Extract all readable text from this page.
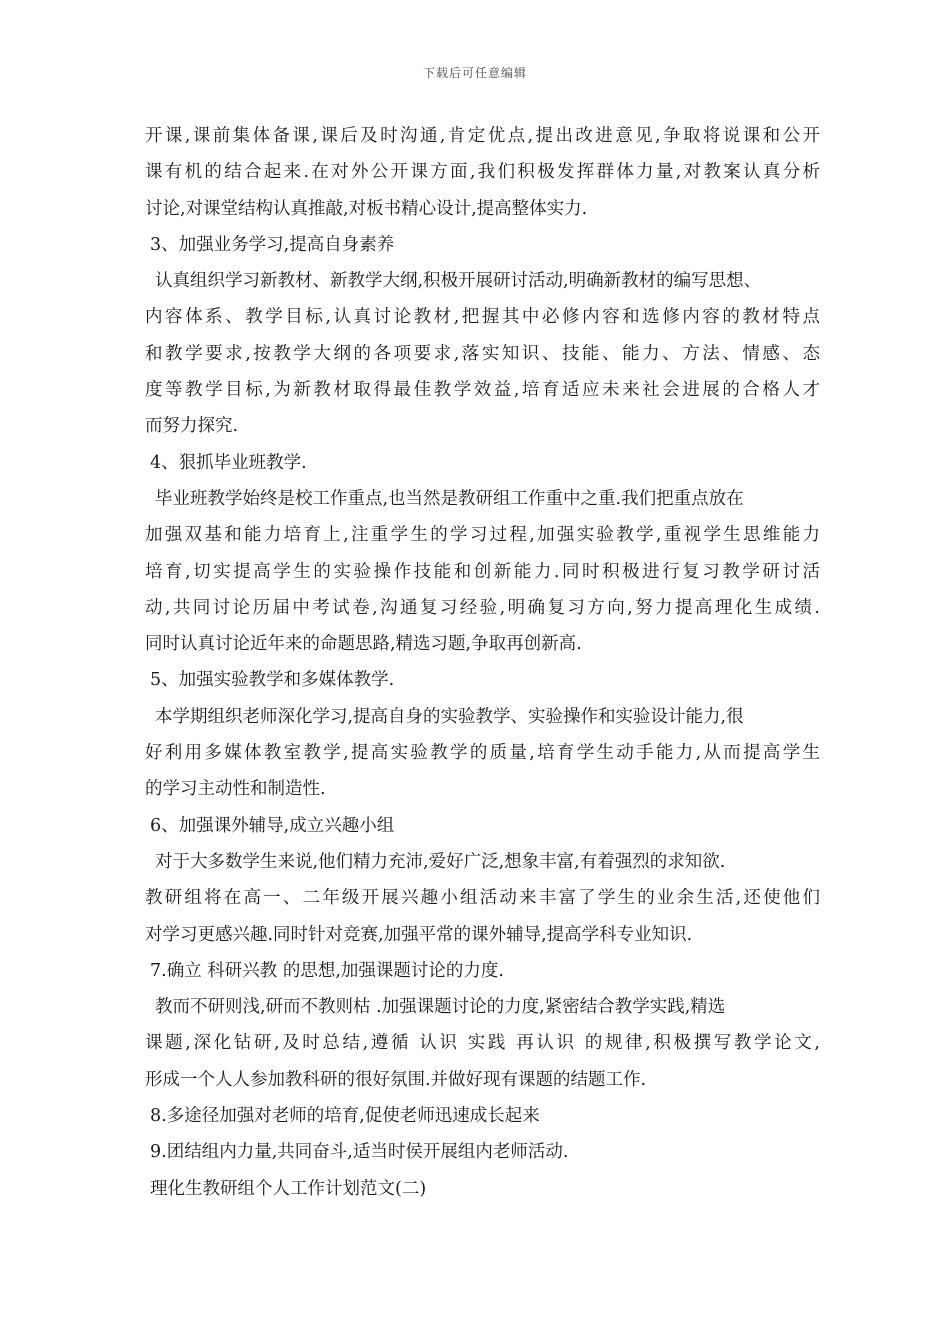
下载后可任意编辑
开课,课前集体备课,课后及时沟通,肯定优点,提出改进意见,争取将说课和公开
课有机的结合起来.在对外公开课方面,我们积极发挥群体力量,对教案认真分析
讨论,对课堂结构认真推敲,对板书精心设计,提高整体实力.
3、加强业务学习,提高自身素养
认真组织学习新教材、新教学大纲,积极开展研讨活动,明确新教材的编写思想、
内容体系、教学目标,认真讨论教材,把握其中必修内容和选修内容的教材特点
和教学要求,按教学大纲的各项要求,落实知识、技能、能力、方法、情感、态
度等教学目标,为新教材取得最佳教学效益,培育适应未来社会进展的合格人才
而努力探究.
4、狠抓毕业班教学.
毕业班教学始终是校工作重点,也当然是教研组工作重中之重.我们把重点放在
加强双基和能力培育上,注重学生的学习过程,加强实验教学,重视学生思维能力
培育,切实提高学生的实验操作技能和创新能力.同时积极进行复习教学研讨活
动,共同讨论历届中考试卷,沟通复习经验,明确复习方向,努力提高理化生成绩.
同时认真讨论近年来的命题思路,精选习题,争取再创新高.
5、加强实验教学和多媒体教学.
本学期组织老师深化学习,提高自身的实验教学、实验操作和实验设计能力,很
好利用多媒体教室教学,提高实验教学的质量,培育学生动手能力,从而提高学生
的学习主动性和制造性.
6、加强课外辅导,成立兴趣小组
对于大多数学生来说,他们精力充沛,爱好广泛,想象丰富,有着强烈的求知欲.
教研组将在高一、二年级开展兴趣小组活动来丰富了学生的业余生活,还使他们
对学习更感兴趣.同时针对竞赛,加强平常的课外辅导,提高学科专业知识.
7.确立 科研兴教 的思想,加强课题讨论的力度.
教而不研则浅,研而不教则枯 .加强课题讨论的力度,紧密结合教学实践,精选
课题,深化钻研,及时总结,遵循 认识 实践 再认识 的规律,积极撰写教学论文,
形成一个人人参加教科研的很好氛围.并做好现有课题的结题工作.
8.多途径加强对老师的培育,促使老师迅速成长起来
9.团结组内力量,共同奋斗,适当时侯开展组内老师活动.
理化生教研组个人工作计划范文(二)
